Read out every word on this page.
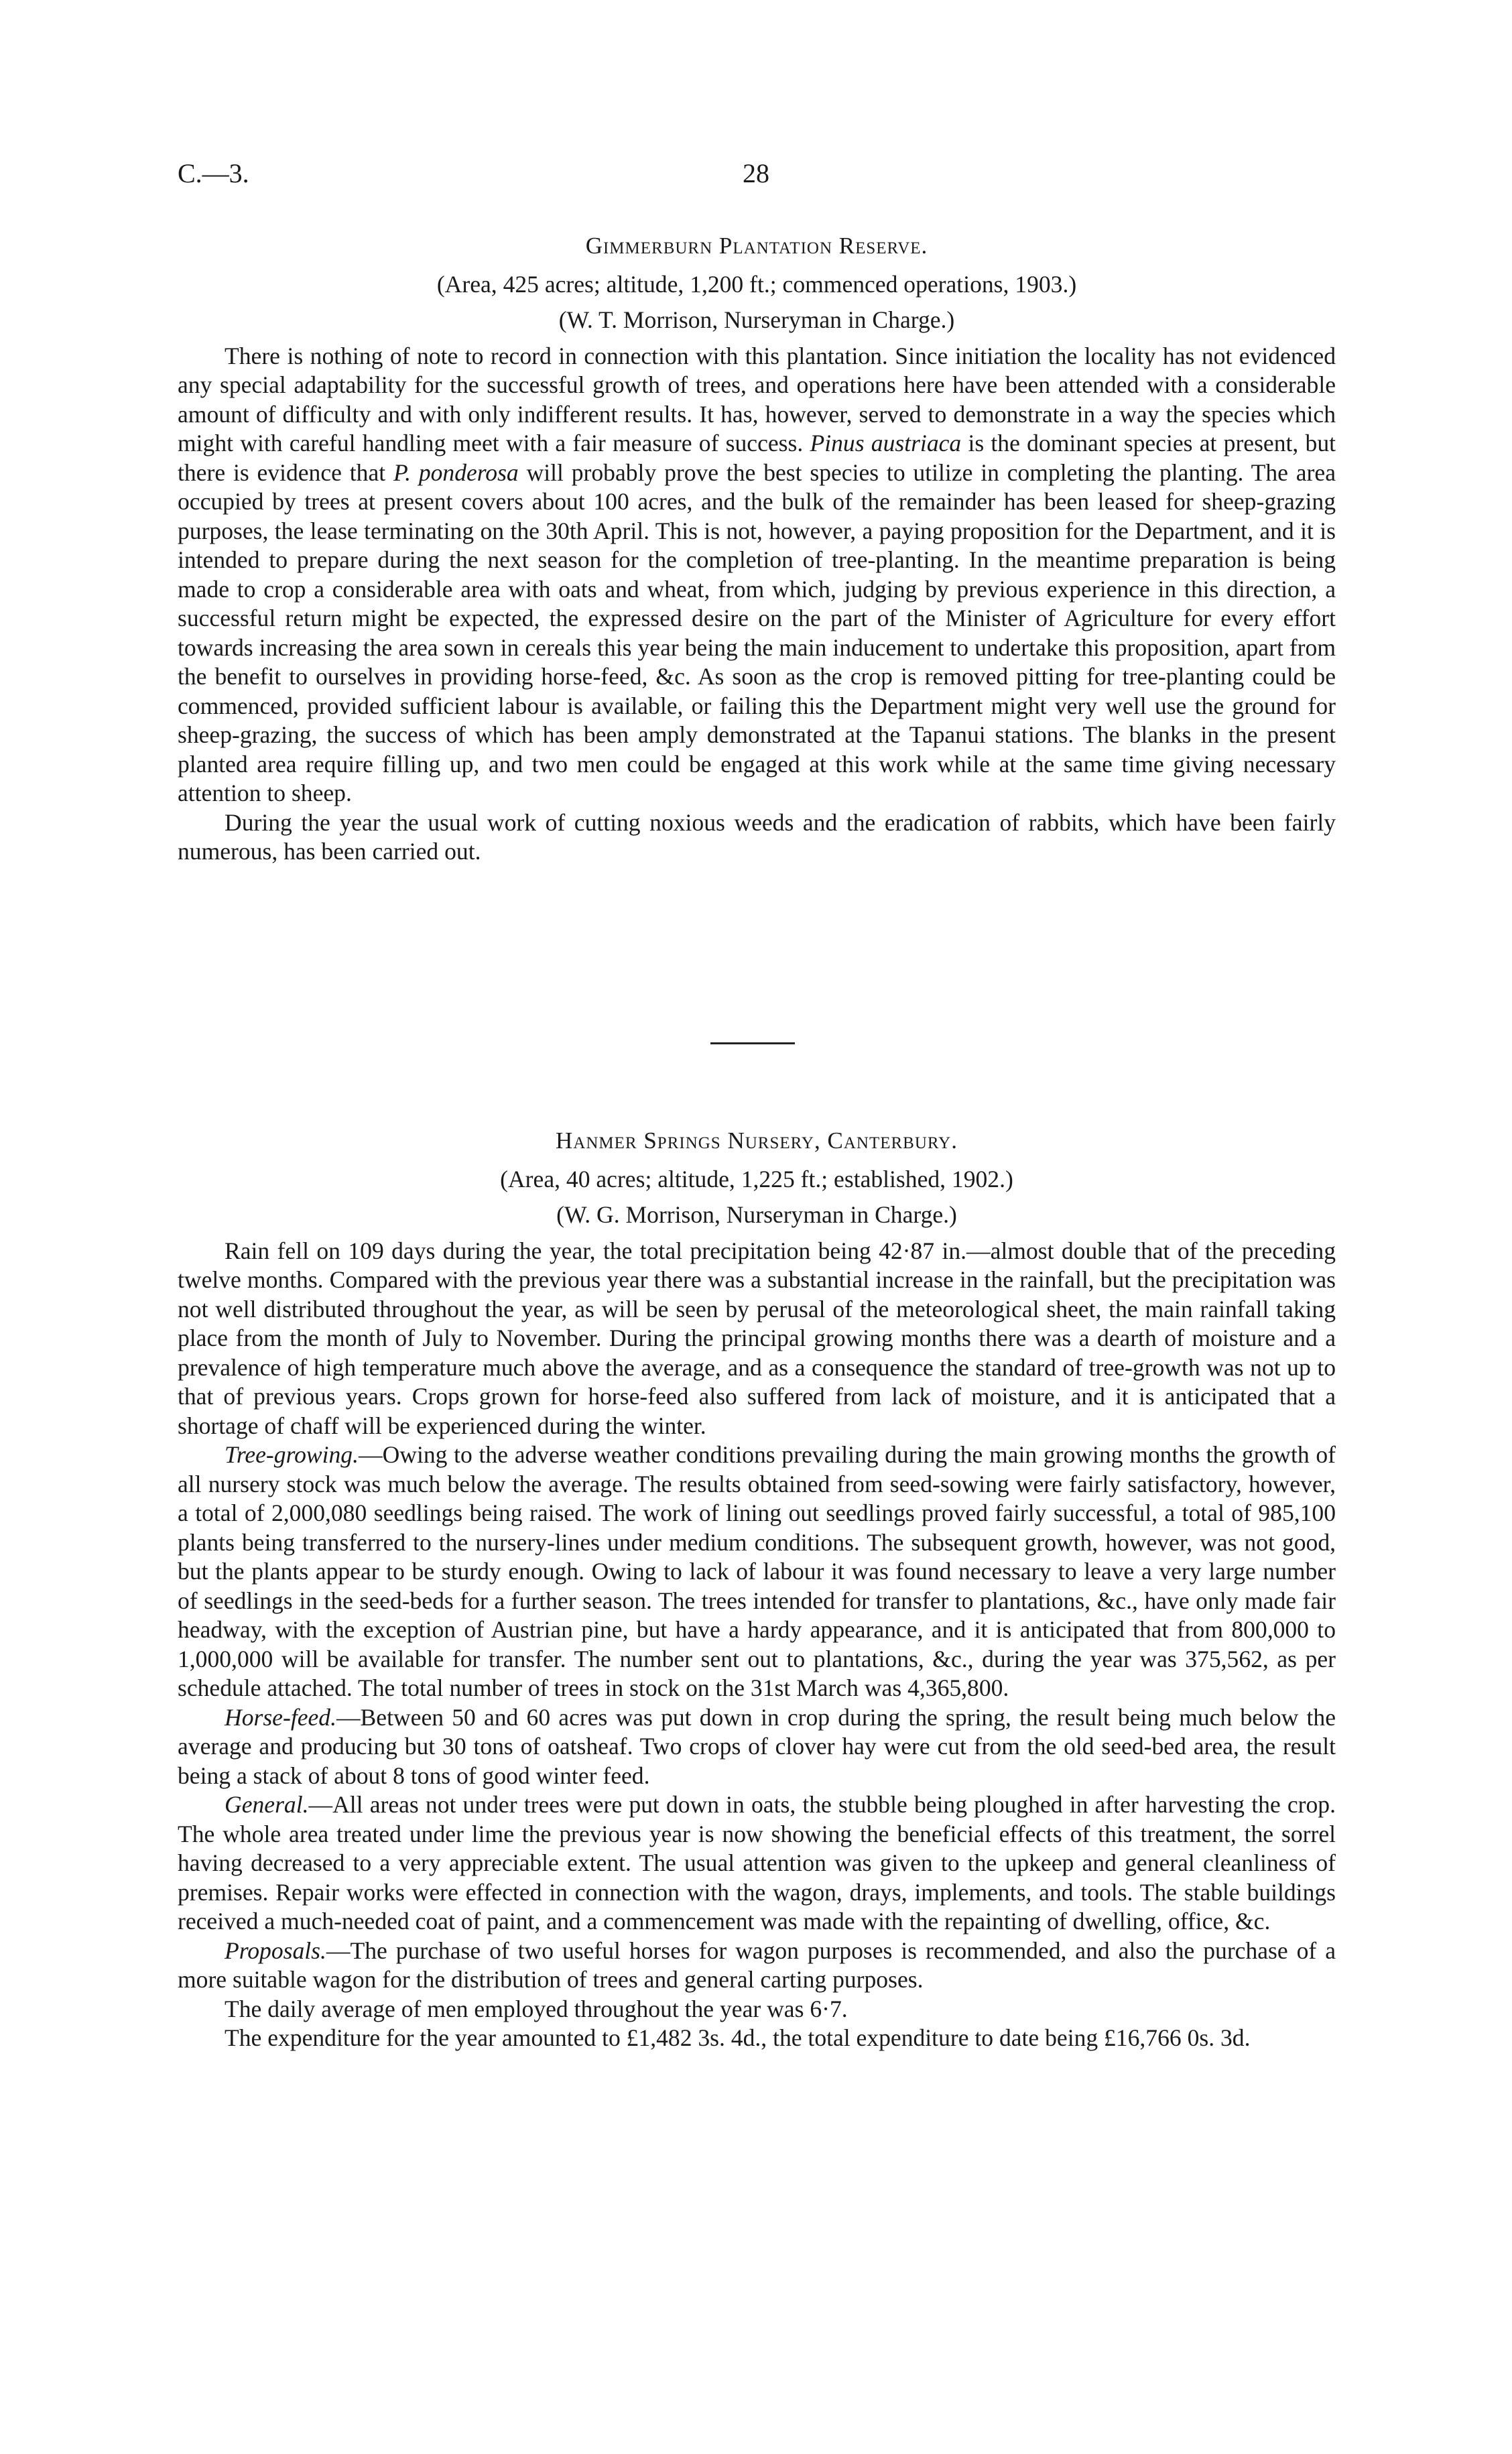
C.—3.	28
Gimmerburn Plantation Reserve.
(Area, 425 acres; altitude, 1,200 ft.; commenced operations, 1903.)
(W. T. Morrison, Nurseryman in Charge.)

There is nothing of note to record in connection with this plantation. Since initiation the locality has not evidenced any special adaptability for the successful growth of trees, and operations here have been attended with a considerable amount of difficulty and with only indifferent results. It has, however, served to demonstrate in a way the species which might with careful handling meet with a fair measure of success. Pinus austriaca is the dominant species at present, but there is evidence that P. ponderosa will probably prove the best species to utilize in completing the planting. The area occupied by trees at present covers about 100 acres, and the bulk of the remainder has been leased for sheep-grazing purposes, the lease terminating on the 30th April. This is not, however, a paying proposition for the Department, and it is intended to prepare during the next season for the completion of tree-planting. In the meantime preparation is being made to crop a considerable area with oats and wheat, from which, judging by previous experience in this direction, a successful return might be expected, the expressed desire on the part of the Minister of Agriculture for every effort towards increasing the area sown in cereals this year being the main inducement to undertake this proposition, apart from the benefit to ourselves in providing horse-feed, &c. As soon as the crop is removed pitting for tree-planting could be commenced, provided sufficient labour is available, or failing this the Department might very well use the ground for sheep-grazing, the success of which has been amply demonstrated at the Tapanui stations. The blanks in the present planted area require filling up, and two men could be engaged at this work while at the same time giving necessary attention to sheep.

During the year the usual work of cutting noxious weeds and the eradication of rabbits, which have been fairly numerous, has been carried out.

Hanmer Springs Nursery, Canterbury.
(Area, 40 acres; altitude, 1,225 ft.; established, 1902.)
(W. G. Morrison, Nurseryman in Charge.)

Rain fell on 109 days during the year, the total precipitation being 42·87 in.—almost double that of the preceding twelve months. Compared with the previous year there was a substantial increase in the rainfall, but the precipitation was not well distributed throughout the year, as will be seen by perusal of the meteorological sheet, the main rainfall taking place from the month of July to November. During the principal growing months there was a dearth of moisture and a prevalence of high temperature much above the average, and as a consequence the standard of tree-growth was not up to that of previous years. Crops grown for horse-feed also suffered from lack of moisture, and it is anticipated that a shortage of chaff will be experienced during the winter.

Tree-growing.—Owing to the adverse weather conditions prevailing during the main growing months the growth of all nursery stock was much below the average. The results obtained from seed-sowing were fairly satisfactory, however, a total of 2,000,080 seedlings being raised. The work of lining out seedlings proved fairly successful, a total of 985,100 plants being transferred to the nursery-lines under medium conditions. The subsequent growth, however, was not good, but the plants appear to be sturdy enough. Owing to lack of labour it was found necessary to leave a very large number of seedlings in the seed-beds for a further season. The trees intended for transfer to plantations, &c., have only made fair headway, with the exception of Austrian pine, but have a hardy appearance, and it is anticipated that from 800,000 to 1,000,000 will be available for transfer. The number sent out to plantations, &c., during the year was 375,562, as per schedule attached. The total number of trees in stock on the 31st March was 4,365,800.

Horse-feed.—Between 50 and 60 acres was put down in crop during the spring, the result being much below the average and producing but 30 tons of oatsheaf. Two crops of clover hay were cut from the old seed-bed area, the result being a stack of about 8 tons of good winter feed.

General.—All areas not under trees were put down in oats, the stubble being ploughed in after harvesting the crop. The whole area treated under lime the previous year is now showing the beneficial effects of this treatment, the sorrel having decreased to a very appreciable extent. The usual attention was given to the upkeep and general cleanliness of premises. Repair works were effected in connection with the wagon, drays, implements, and tools. The stable buildings received a much-needed coat of paint, and a commencement was made with the repainting of dwelling, office, &c.

Proposals.—The purchase of two useful horses for wagon purposes is recommended, and also the purchase of a more suitable wagon for the distribution of trees and general carting purposes.

The daily average of men employed throughout the year was 6·7.

The expenditure for the year amounted to £1,482 3s. 4d., the total expenditure to date being £16,766 0s. 3d.
